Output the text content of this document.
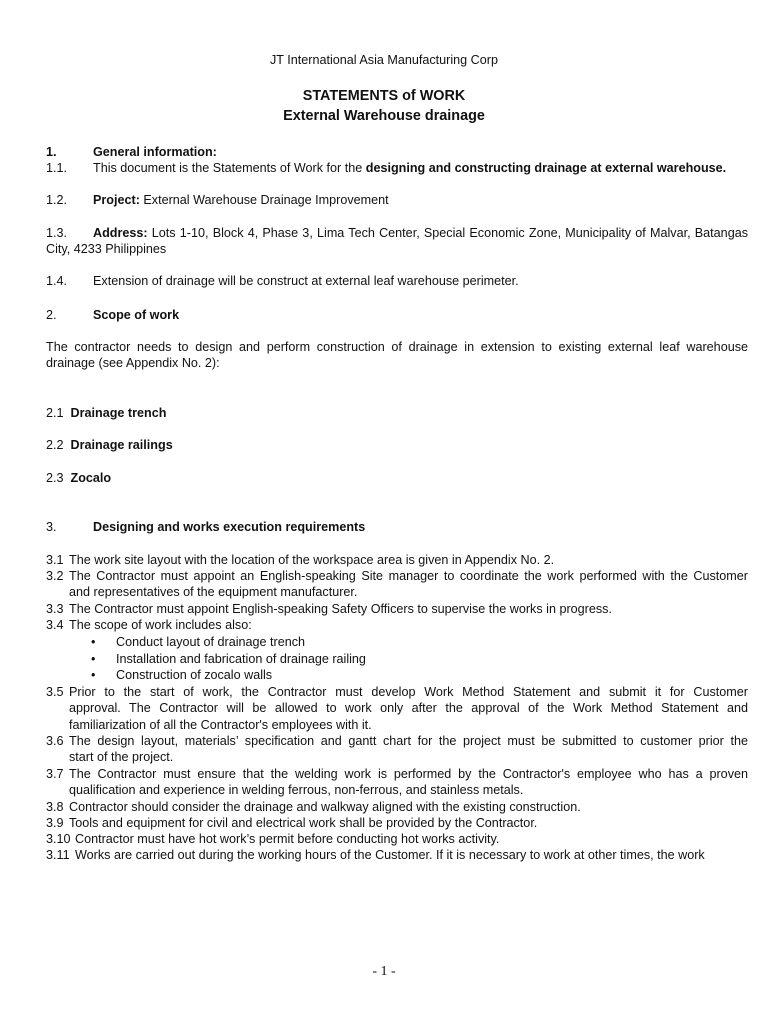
JT International Asia Manufacturing Corp
STATEMENTS of WORK
External Warehouse drainage
1.	General information:
1.1. This document is the Statements of Work for the designing and constructing drainage at external warehouse.
1.2. Project: External Warehouse Drainage Improvement
1.3. Address: Lots 1-10, Block 4, Phase 3, Lima Tech Center, Special Economic Zone, Municipality of Malvar, Batangas
City, 4233 Philippines
1.4. Extension of drainage will be construct at external leaf warehouse perimeter.
2.	Scope of work
The contractor needs to design and perform construction of drainage in extension to existing external leaf warehouse
drainage (see Appendix No. 2):
2.1 Drainage trench
2.2 Drainage railings
2.3 Zocalo
3.	Designing and works execution requirements
3.1 The work site layout with the location of the workspace area is given in Appendix No. 2.
3.2 The Contractor must appoint an English-speaking Site manager to coordinate the work performed with the Customer
and representatives of the equipment manufacturer.
3.3 The Contractor must appoint English-speaking Safety Officers to supervise the works in progress.
3.4 The scope of work includes also:
• Conduct layout of drainage trench
• Installation and fabrication of drainage railing
• Construction of zocalo walls
3.5 Prior to the start of work, the Contractor must develop Work Method Statement and submit it for Customer
approval. The Contractor will be allowed to work only after the approval of the Work Method Statement and
familiarization of all the Contractor's employees with it.
3.6 The design layout, materials’ specification and gantt chart for the project must be submitted to customer prior the
start of the project.
3.7 The Contractor must ensure that the welding work is performed by the Contractor's employee who has a proven
qualification and experience in welding ferrous, non-ferrous, and stainless metals.
3.8 Contractor should consider the drainage and walkway aligned with the existing construction.
3.9 Tools and equipment for civil and electrical work shall be provided by the Contractor.
3.10 Contractor must have hot work’s permit before conducting hot works activity.
3.11 Works are carried out during the working hours of the Customer. If it is necessary to work at other times, the work
- 1 -
